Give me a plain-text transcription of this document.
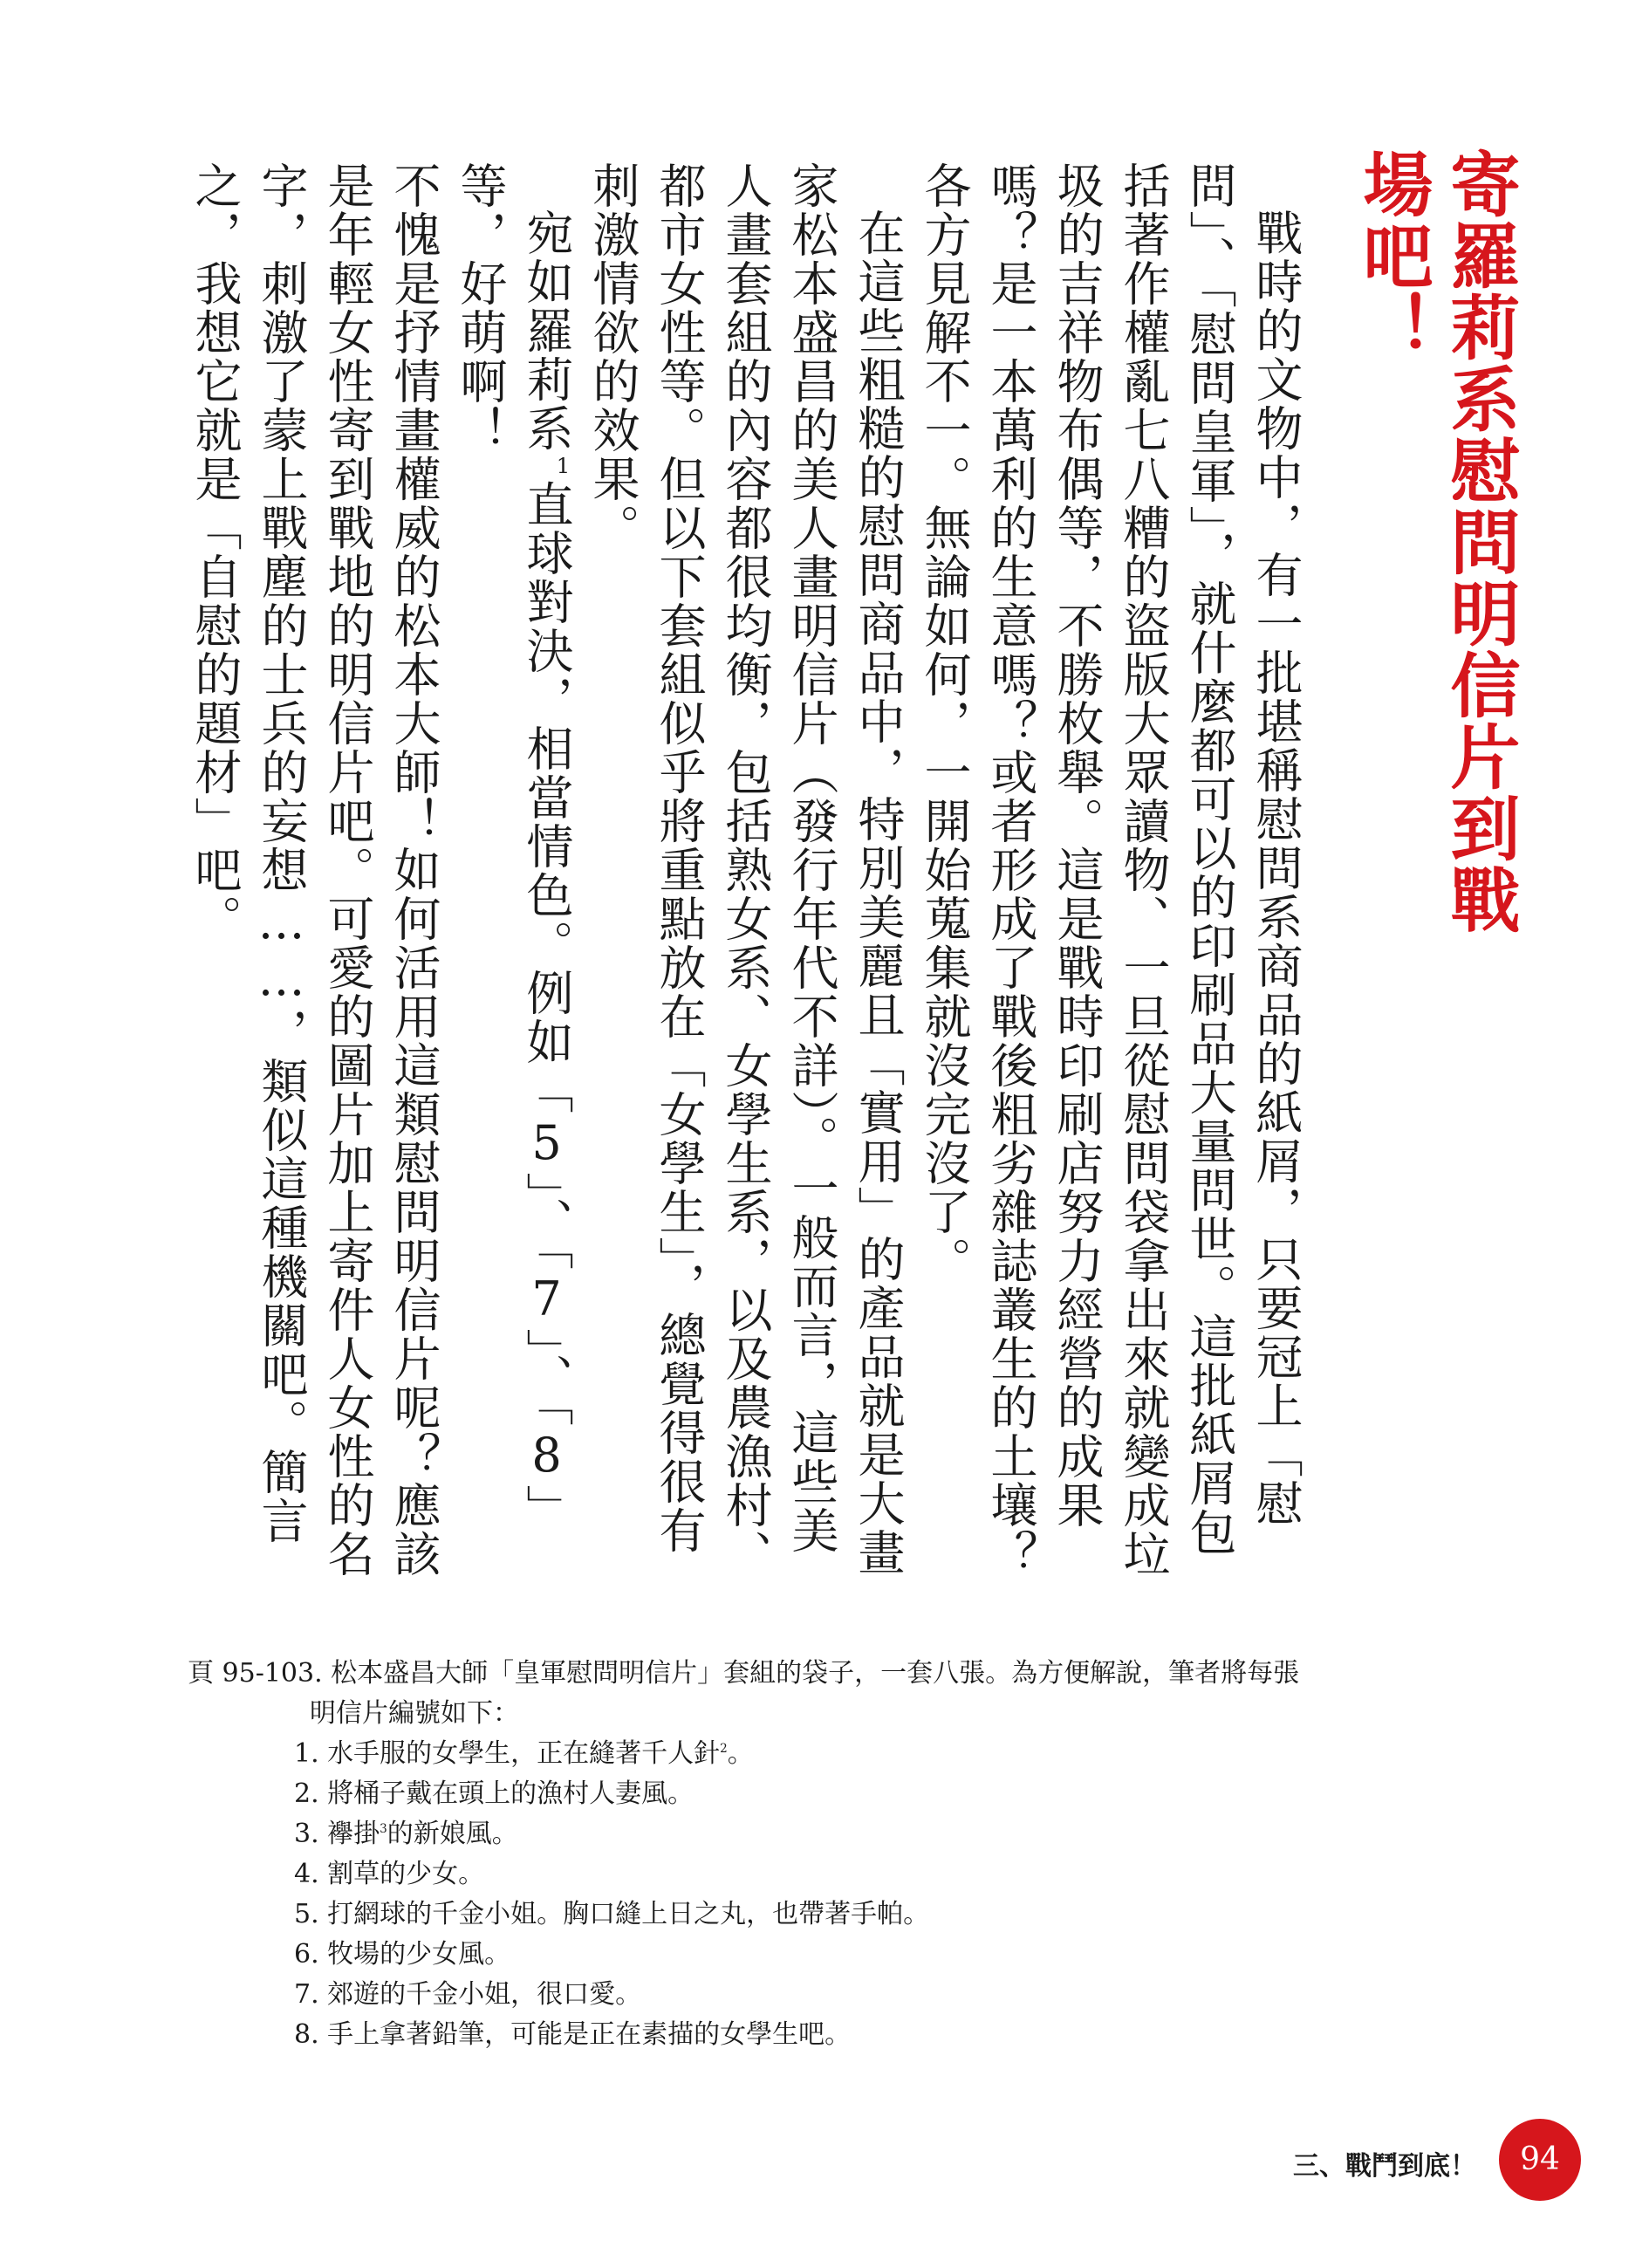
寄羅莉系慰問明信片到戰場吧！

戰時的文物中，有一批堪稱慰問系商品的紙屑，只要冠上「慰問」、「慰問皇軍」，就什麼都可以的印刷品大量問世。這批紙屑包括著作權亂七八糟的盜版大眾讀物、一旦從慰問袋拿出來就變成垃圾的吉祥物布偶等，不勝枚舉。這是戰時印刷店努力經營的成果嗎？是一本萬利的生意嗎？或者形成了戰後粗劣雜誌叢生的土壤？各方見解不一。無論如何，一開始蒐集就沒完沒了。

在這些粗糙的慰問商品中，特別美麗且「實用」的產品就是大畫家松本盛昌的美人畫明信片（發行年代不詳）。一般而言，這些美人畫套組的內容都很均衡，包括熟女系、女學生系，以及農漁村、都市女性等。但以下套組似乎將重點放在「女學生」，總覺得很有刺激情欲的效果。

宛如羅莉系$^1$直球對決，相當情色。例如「5」、「7」、「8」等，好萌啊！

不愧是抒情畫權威的松本大師！如何活用這類慰問明信片呢？應該是年輕女性寄到戰地的明信片吧。可愛的圖片加上寄件人女性的名字，刺激了蒙上戰塵的士兵的妄想……，類似這種機關吧。簡言之，我想它就是「自慰的題材」吧。

頁 95-103. 松本盛昌大師「皇軍慰問明信片」套組的袋子，一套八張。為方便解說，筆者將每張明信片編號如下：

1. 水手服的女學生，正在縫著千人針$^2$。
2. 將桶子戴在頭上的漁村人妻風。
3. 襷掛$^3$的新娘風。
4. 割草的少女。
5. 打網球的千金小姐。胸口縫上日之丸，也帶著手帕。
6. 牧場的少女風。
7. 郊遊的千金小姐，很口愛。
8. 手上拿著鉛筆，可能是正在素描的女學生吧。
三、戰鬥到底！	94
